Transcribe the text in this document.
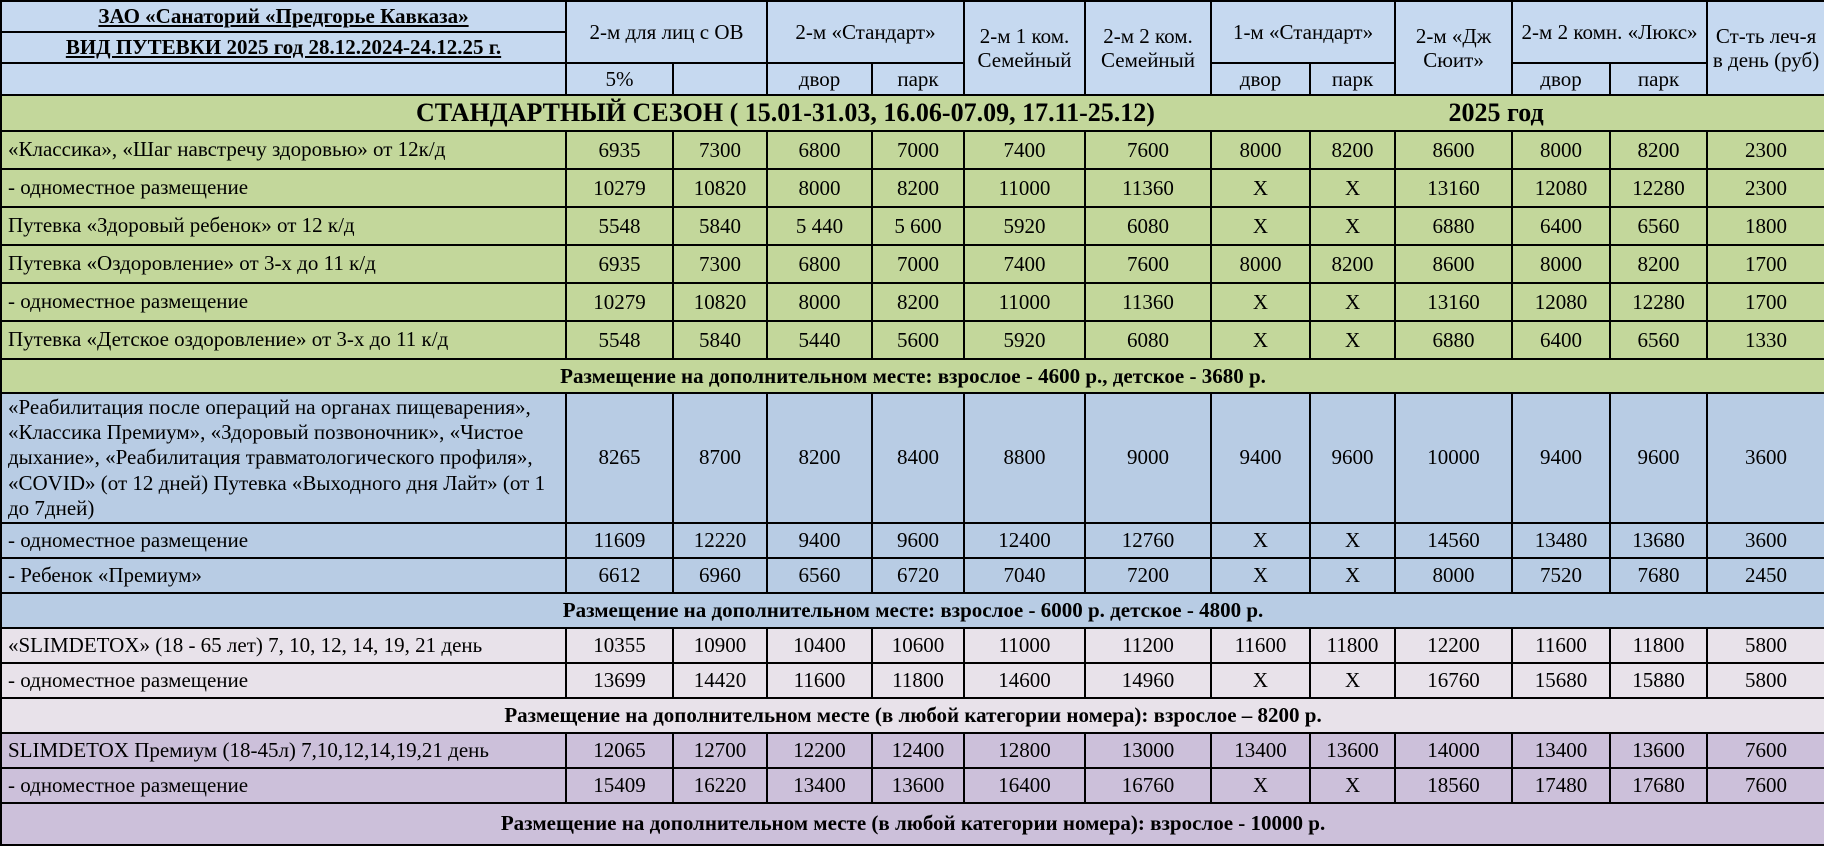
ЗАО «Санаторий «Предгорье Кавказа»	2-м для лиц с ОВ		2-м «Стандарт»		2-м 1 ком. Семейный	2-м 2 ком. Семейный	1-м «Стандарт»		2-м «Дж Сюит»	2-м 2 комн. «Люкс»		Ст-ть леч-я в день (руб)
ВИД ПУТЕВКИ 2025 год 28.12.2024-24.12.25 г.												
	5%		двор	парк			двор	парк		двор	парк	

СТАНДАРТНЫЙ СЕЗОН ( 15.01-31.03, 16.06-07.09, 17.11-25.12) 2025 год												

«Классика», «Шаг навстречу здоровью» от 12к/д	6935	7300	6800	7000	7400	7600	8000	8200	8600	8000	8200	2300
- одноместное размещение	10279	10820	8000	8200	11000	11360	Х	Х	13160	12080	12280	2300
Путевка «Здоровый ребенок» от 12 к/д	5548	5840	5 440	5 600	5920	6080	Х	Х	6880	6400	6560	1800
Путевка «Оздоровление» от 3-х до 11 к/д	6935	7300	6800	7000	7400	7600	8000	8200	8600	8000	8200	1700
- одноместное размещение	10279	10820	8000	8200	11000	11360	Х	Х	13160	12080	12280	1700
Путевка «Детское оздоровление» от 3-х до 11 к/д	5548	5840	5440	5600	5920	6080	Х	Х	6880	6400	6560	1330
Размещение на дополнительном месте: взрослое - 4600 р., детское - 3680 р.												
«Реабилитация после операций на органах пищеварения», «Классика Премиум», «Здоровый позвоночник», «Чистое дыхание», «Реабилитация травматологического профиля», «COVID» (от 12 дней) Путевка «Выходного дня Лайт» (от 1 до 7дней)	8265	8700	8200	8400	8800	9000	9400	9600	10000	9400	9600	3600
- одноместное размещение	11609	12220	9400	9600	12400	12760	Х	Х	14560	13480	13680	3600
- Ребенок «Премиум»	6612	6960	6560	6720	7040	7200	Х	Х	8000	7520	7680	2450
Размещение на дополнительном месте: взрослое - 6000 р. детское - 4800 р.												
«SLIMDETOX» (18 - 65 лет) 7, 10, 12, 14, 19, 21 день	10355	10900	10400	10600	11000	11200	11600	11800	12200	11600	11800	5800
- одноместное размещение	13699	14420	11600	11800	14600	14960	Х	Х	16760	15680	15880	5800
Размещение на дополнительном месте (в любой категории номера): взрослое – 8200 р.												
SLIMDETOX Премиум (18-45л) 7,10,12,14,19,21 день	12065	12700	12200	12400	12800	13000	13400	13600	14000	13400	13600	7600
- одноместное размещение	15409	16220	13400	13600	16400	16760	Х	Х	18560	17480	17680	7600
Размещение на дополнительном месте (в любой категории номера): взрослое - 10000 р.												
